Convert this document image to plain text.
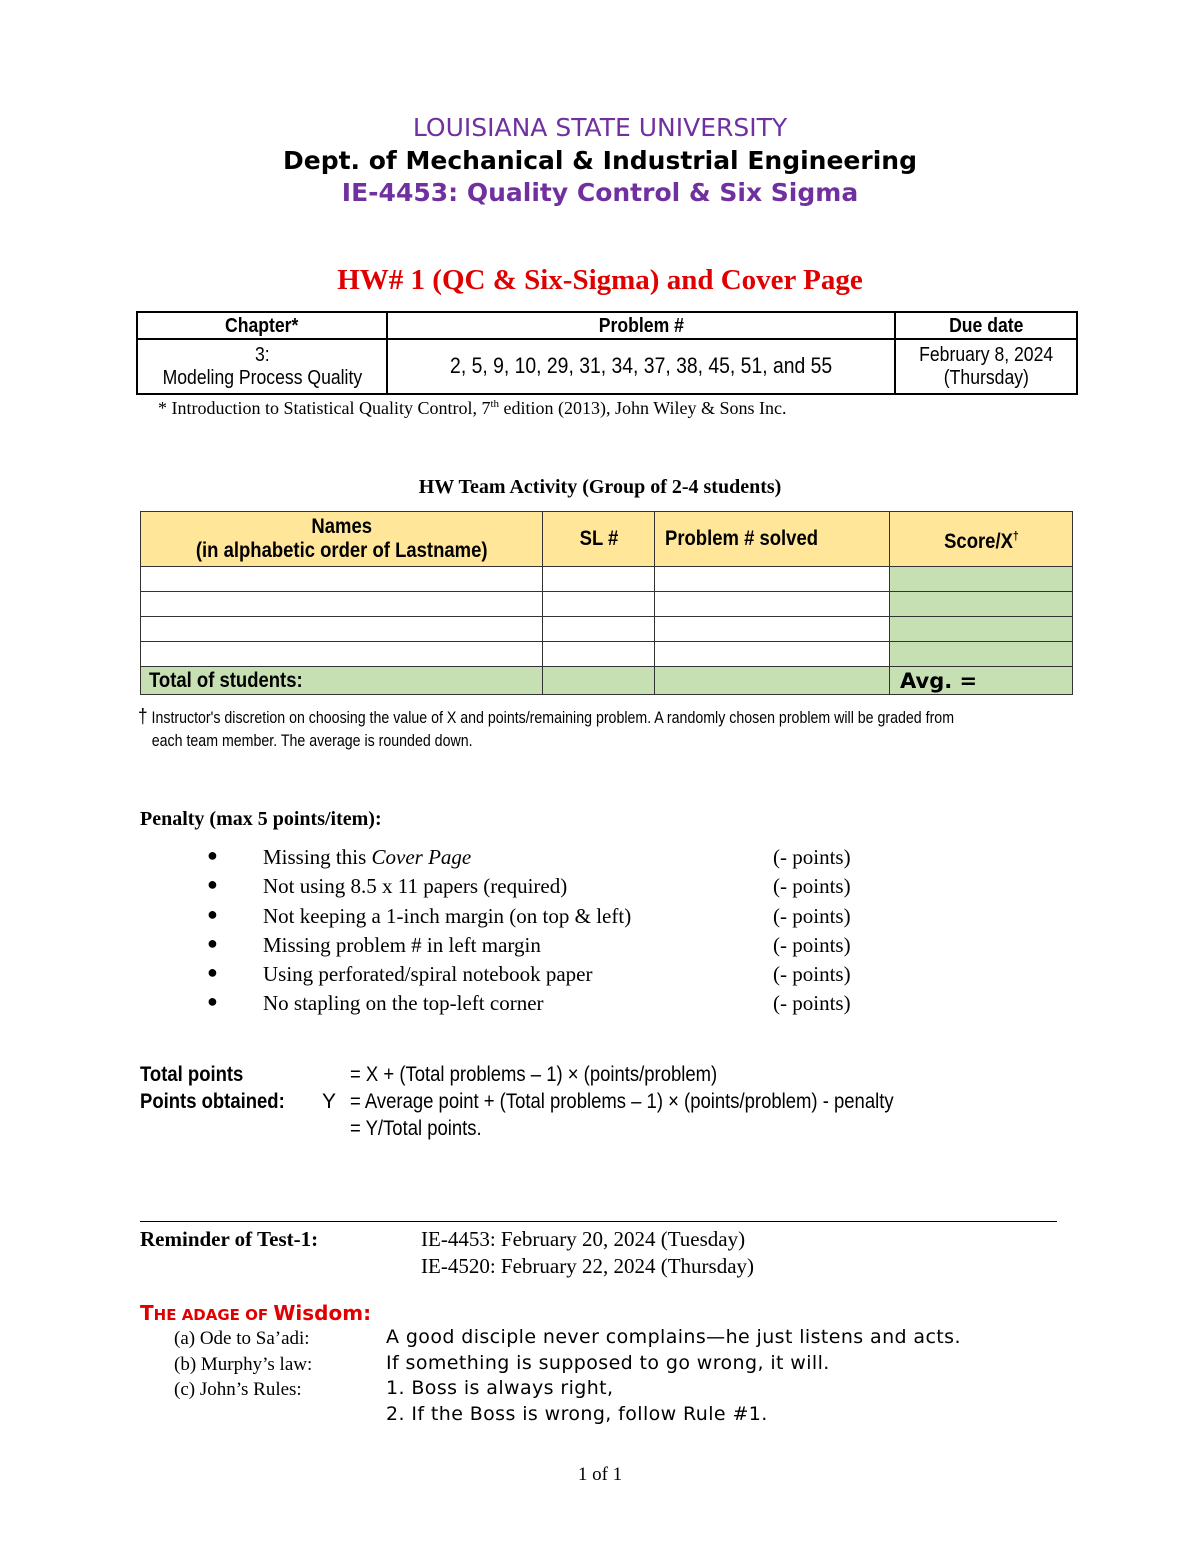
LOUISIANA STATE UNIVERSITY
Dept. of Mechanical & Industrial Engineering
IE-4453: Quality Control & Six Sigma
HW# 1 (QC & Six-Sigma) and Cover Page
Chapter*	Problem #	Due date
3:
Modeling Process Quality	2, 5, 9, 10, 29, 31, 34, 37, 38, 45, 51, and 55	February 8, 2024
(Thursday)
* Introduction to Statistical Quality Control, 7th edition (2013), John Wiley & Sons Inc.
HW Team Activity (Group of 2-4 students)
Names
(in alphabetic order of Lastname)	SL #	Problem # solved	Score/X†

Total of students:			Avg. =
† Instructor's discretion on choosing the value of X and points/remaining problem. A randomly chosen problem will be graded from
each team member. The average is rounded down.
Penalty (max 5 points/item):
● Missing this Cover Page	(- points)
● Not using 8.5 x 11 papers (required)	(- points)
● Not keeping a 1-inch margin (on top & left)	(- points)
● Missing problem # in left margin	(- points)
● Using perforated/spiral notebook paper	(- points)
● No stapling on the top-left corner	(- points)
Total points	= X + (Total problems – 1) × (points/problem)
Points obtained:	Y = Average point + (Total problems – 1) × (points/problem) - penalty
= Y/Total points.
Reminder of Test-1:	IE-4453: February 20, 2024 (Tuesday)
IE-4520: February 22, 2024 (Thursday)
THE ADAGE OF Wisdom:
(a) Ode to Sa’adi:	A good disciple never complains—he just listens and acts.
(b) Murphy’s law:	If something is supposed to go wrong, it will.
(c) John’s Rules:	1. Boss is always right,
2. If the Boss is wrong, follow Rule #1.
1 of 1
